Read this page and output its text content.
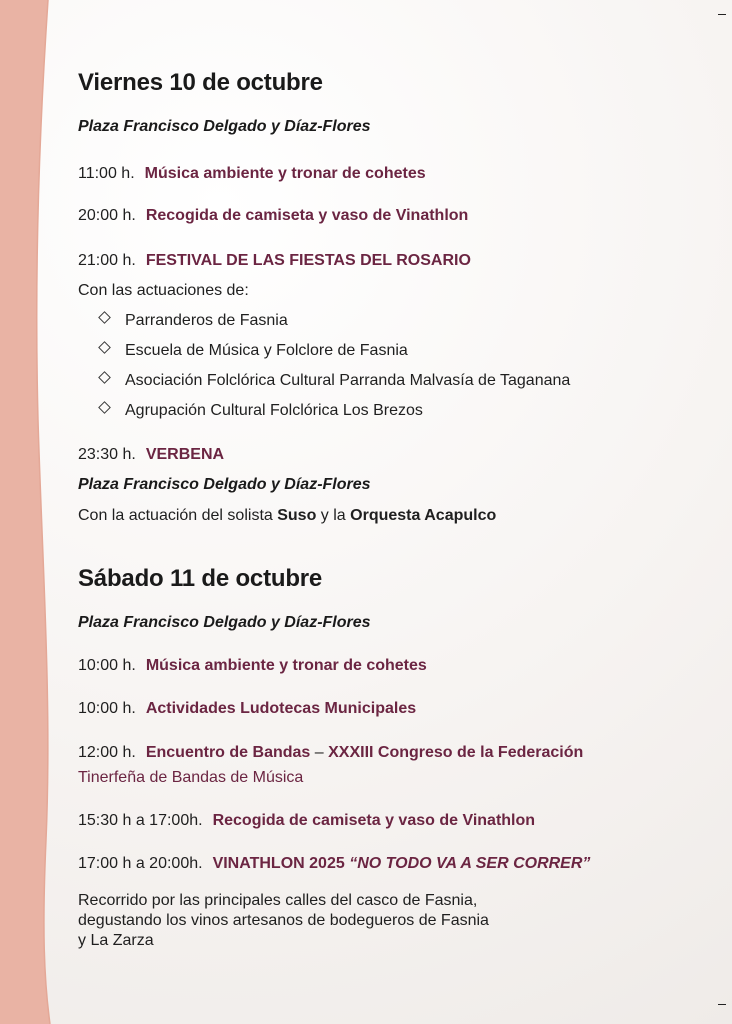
Viernes 10 de octubre
Plaza Francisco Delgado y Díaz-Flores
11:00 h. Música ambiente y tronar de cohetes
20:00 h. Recogida de camiseta y vaso de Vinathlon
21:00 h. FESTIVAL DE LAS FIESTAS DEL ROSARIO
Con las actuaciones de:
Parranderos de Fasnia
Escuela de Música y Folclore de Fasnia
Asociación Folclórica Cultural Parranda Malvasía de Taganana
Agrupación Cultural Folclórica Los Brezos
23:30 h. VERBENA
Plaza Francisco Delgado y Díaz-Flores
Con la actuación del solista Suso y la Orquesta Acapulco
Sábado 11 de octubre
Plaza Francisco Delgado y Díaz-Flores
10:00 h. Música ambiente y tronar de cohetes
10:00 h. Actividades Ludotecas Municipales
12:00 h. Encuentro de Bandas – XXXIII Congreso de la Federación
Tinerfeña de Bandas de Música
15:30 h a 17:00h. Recogida de camiseta y vaso de Vinathlon
17:00 h a 20:00h. VINATHLON 2025 “NO TODO VA A SER CORRER”
Recorrido por las principales calles del casco de Fasnia,
degustando los vinos artesanos de bodegueros de Fasnia
y La Zarza
